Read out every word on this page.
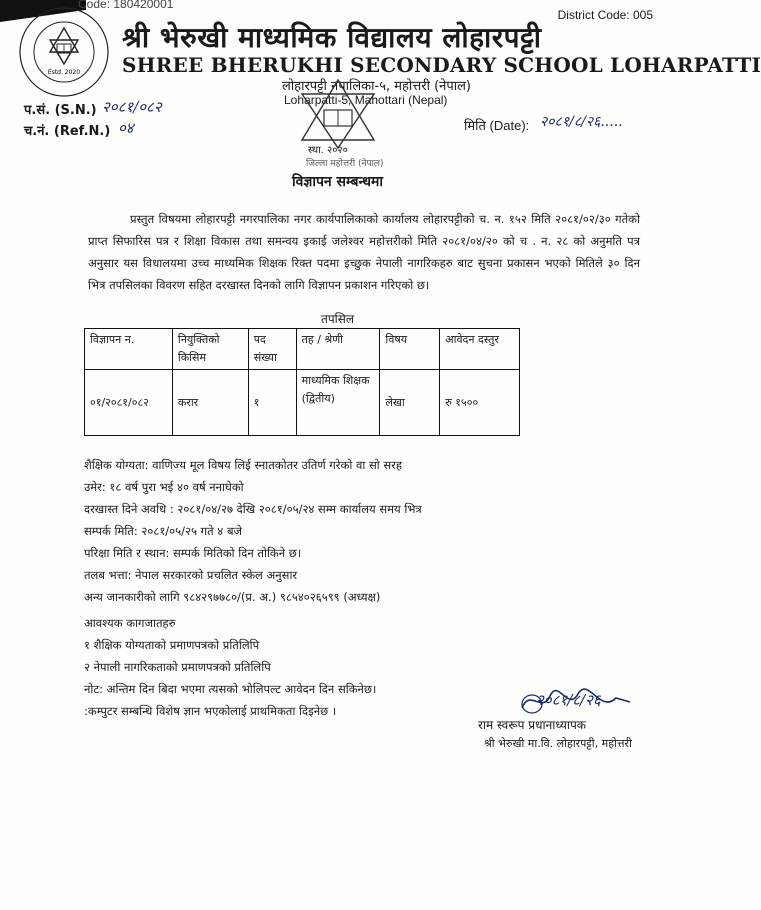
Code: 180420001
District Code: 005
Estd. 2020
श्री भेरुखी माध्यमिक विद्यालय लोहारपट्टी
SHREE BHERUKHI SECONDARY SCHOOL LOHARPATTI
लोहारपट्टी नपालिका-५, महोत्तरी (नेपाल)
Loharpatti-5, Mahottari (Nepal)
प.सं. (S.N.) २०८१/०८२
च.नं. (Ref.N.) ०४	मिति (Date): २०८१/८/२६.....
स्था. २०२०
जिल्ला महोत्तरी (नेपाल)
विज्ञापन सम्बन्धमा
प्रस्तुत विषयमा लोहारपट्टी नगरपालिका नगर कार्यपालिकाको कार्यालय लोहारपट्टीको च. न. १५२ मिति २०८१/०२/३० गतेको प्राप्त सिफारिस पत्र र शिक्षा विकास तथा समन्वय इकाई जलेश्वर महोत्तरीको मिति २०८१/०४/२० को च . न. २८ को अनुमति पत्र अनुसार यस विधालयमा उच्च माध्यमिक शिक्षक रिक्त पदमा इच्छुक नेपाली नागरिकहरु बाट सुचना प्रकासन भएको मितिले ३० दिन भित्र तपसिलका विवरण सहित दरखास्त दिनको लागि विज्ञापन प्रकाशन गरिएको छ।
तपसिल
विज्ञापन न.	नियुक्तिको किसिम	पद संख्या	तह / श्रेणी	विषय	आवेदन दस्तुर
०१/२०८१/०८२	करार	१	माध्यमिक शिक्षक (द्वितीय)	लेखा	रु १५००
शैक्षिक योग्यता: वाणिज्य मूल विषय लिई स्नातकोतर उतिर्ण गरेको वा सो सरह
उमेर: १८ वर्ष पुरा भई ४० वर्ष ननाघेको
दरखास्त दिने अवधि : २०८१/०४/२७ देखि २०८१/०५/२४ सम्म कार्यालय समय भित्र
सम्पर्क मिति: २०८१/०५/२५ गते ४ बजे
परिक्षा मिति र स्थान: सम्पर्क मितिको दिन तोकिने छ।
तलब भत्ता: नेपाल सरकारको प्रचलित स्केल अनुसार
अन्य जानकारीको लागि ९८४२९७७८०/(प्र. अ.) ९८५४०२६५९९ (अध्यक्ष)
आवश्यक कागजातहरु
१ शैक्षिक योग्यताको प्रमाणपत्रको प्रतिलिपि
२ नेपाली नागरिकताको प्रमाणपत्रको प्रतिलिपि
नोट: अन्तिम दिन बिदा भएमा त्यसको भोलिपल्ट आवेदन दिन सकिनेछ।
:कम्पुटर सम्बन्धि विशेष ज्ञान भएकोलाई प्राथमिकता दिइनेछ ।
२०८१/८/२६
राम स्वरूप प्रधानाध्यापक
श्री भेरुखी मा.वि. लोहारपट्टी, महोत्तरी
